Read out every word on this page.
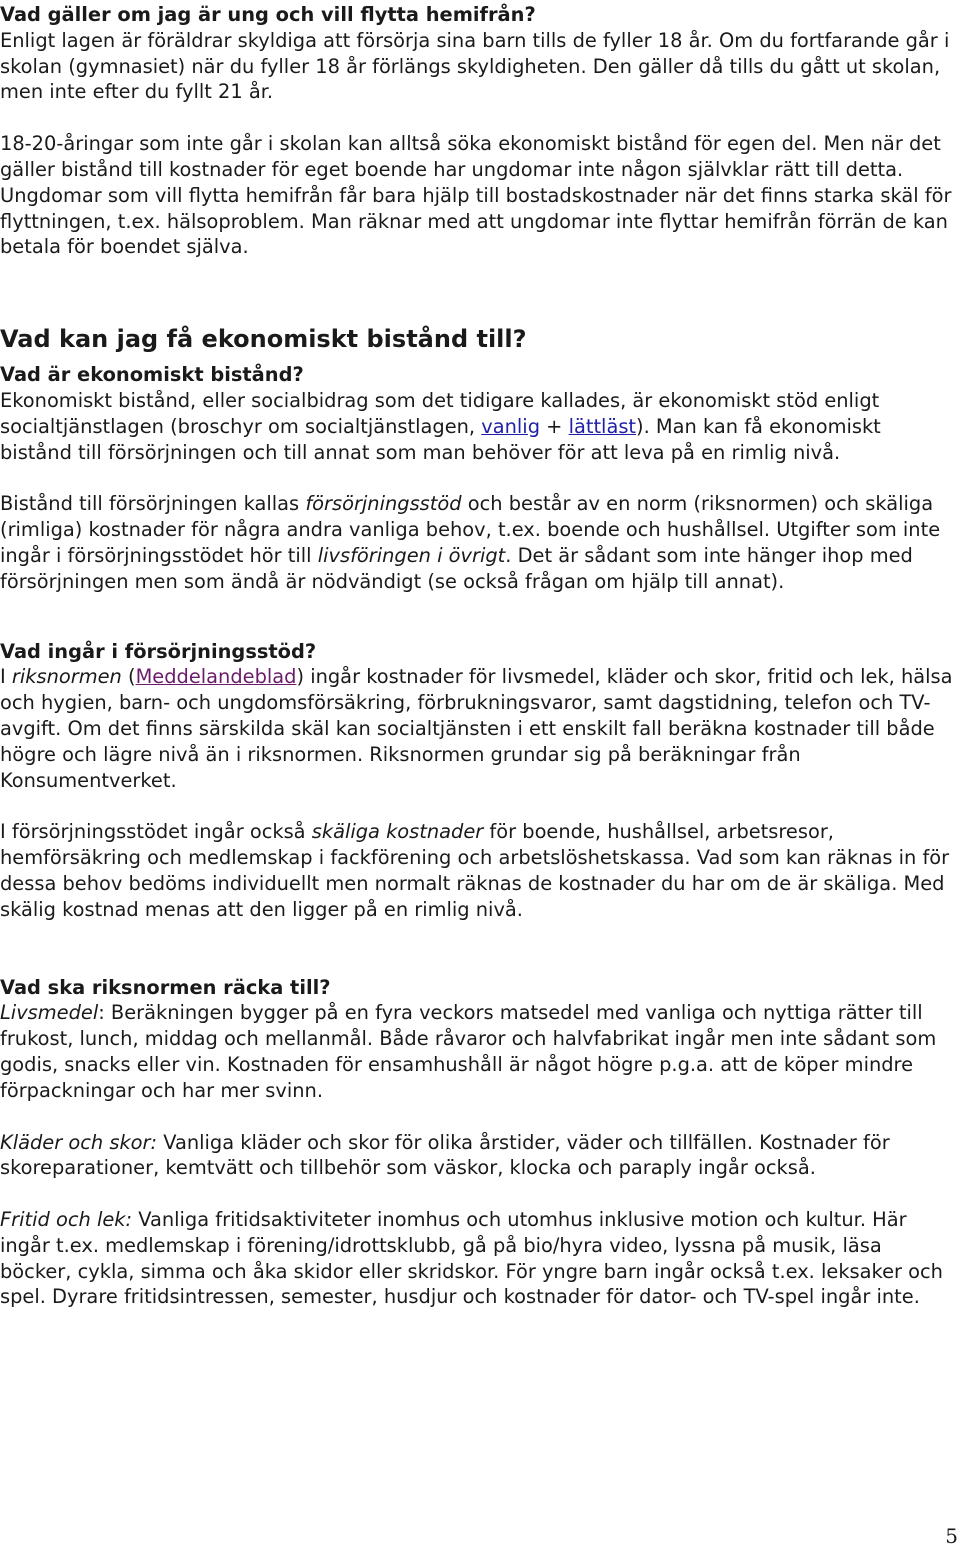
Vad gäller om jag är ung och vill flytta hemifrån?

Enligt lagen är föräldrar skyldiga att försörja sina barn tills de fyller 18 år. Om du fortfarande går i skolan (gymnasiet) när du fyller 18 år förlängs skyldigheten. Den gäller då tills du gått ut skolan, men inte efter du fyllt 21 år.

18-20-åringar som inte går i skolan kan alltså söka ekonomiskt bistånd för egen del. Men när det gäller bistånd till kostnader för eget boende har ungdomar inte någon självklar rätt till detta. Ungdomar som vill flytta hemifrån får bara hjälp till bostadskostnader när det finns starka skäl för flyttningen, t.ex. hälsoproblem. Man räknar med att ungdomar inte flyttar hemifrån förrän de kan betala för boendet själva.

Vad kan jag få ekonomiskt bistånd till?

Vad är ekonomiskt bistånd?

Ekonomiskt bistånd, eller socialbidrag som det tidigare kallades, är ekonomiskt stöd enligt socialtjänstlagen (broschyr om socialtjänstlagen, vanlig + lättläst). Man kan få ekonomiskt bistånd till försörjningen och till annat som man behöver för att leva på en rimlig nivå.

Bistånd till försörjningen kallas försörjningsstöd och består av en norm (riksnormen) och skäliga (rimliga) kostnader för några andra vanliga behov, t.ex. boende och hushållsel. Utgifter som inte ingår i försörjningsstödet hör till livsföringen i övrigt. Det är sådant som inte hänger ihop med försörjningen men som ändå är nödvändigt (se också frågan om hjälp till annat).

Vad ingår i försörjningsstöd?

I riksnormen (Meddelandeblad) ingår kostnader för livsmedel, kläder och skor, fritid och lek, hälsa och hygien, barn- och ungdomsförsäkring, förbrukningsvaror, samt dagstidning, telefon och TV-avgift. Om det finns särskilda skäl kan socialtjänsten i ett enskilt fall beräkna kostnader till både högre och lägre nivå än i riksnormen. Riksnormen grundar sig på beräkningar från Konsumentverket.

I försörjningsstödet ingår också skäliga kostnader för boende, hushållsel, arbetsresor, hemförsäkring och medlemskap i fackförening och arbetslöshetskassa. Vad som kan räknas in för dessa behov bedöms individuellt men normalt räknas de kostnader du har om de är skäliga. Med skälig kostnad menas att den ligger på en rimlig nivå.

Vad ska riksnormen räcka till?

Livsmedel: Beräkningen bygger på en fyra veckors matsedel med vanliga och nyttiga rätter till frukost, lunch, middag och mellanmål. Både råvaror och halvfabrikat ingår men inte sådant som godis, snacks eller vin. Kostnaden för ensamhushåll är något högre p.g.a. att de köper mindre förpackningar och har mer svinn.

Kläder och skor: Vanliga kläder och skor för olika årstider, väder och tillfällen. Kostnader för skoreparationer, kemtvätt och tillbehör som väskor, klocka och paraply ingår också.

Fritid och lek: Vanliga fritidsaktiviteter inomhus och utomhus inklusive motion och kultur. Här ingår t.ex. medlemskap i förening/idrottsklubb, gå på bio/hyra video, lyssna på musik, läsa böcker, cykla, simma och åka skidor eller skridskor. För yngre barn ingår också t.ex. leksaker och spel. Dyrare fritidsintressen, semester, husdjur och kostnader för dator- och TV-spel ingår inte.

5
